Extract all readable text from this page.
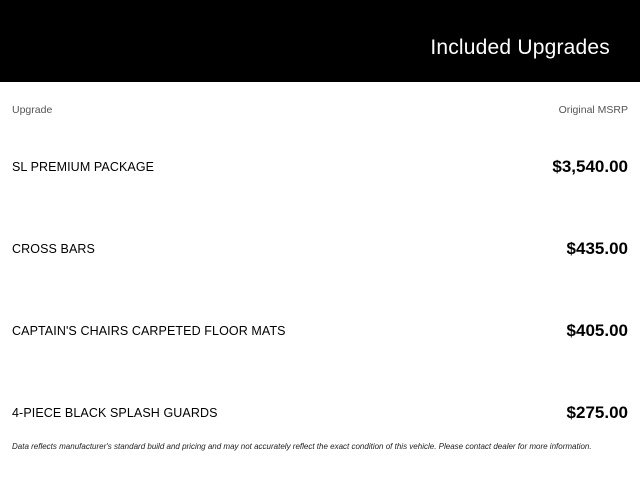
Included Upgrades
Upgrade	Original MSRP
SL PREMIUM PACKAGE	$3,540.00
CROSS BARS	$435.00
CAPTAIN'S CHAIRS CARPETED FLOOR MATS	$405.00
4-PIECE BLACK SPLASH GUARDS	$275.00
Data reflects manufacturer's standard build and pricing and may not accurately reflect the exact condition of this vehicle. Please contact dealer for more information.
